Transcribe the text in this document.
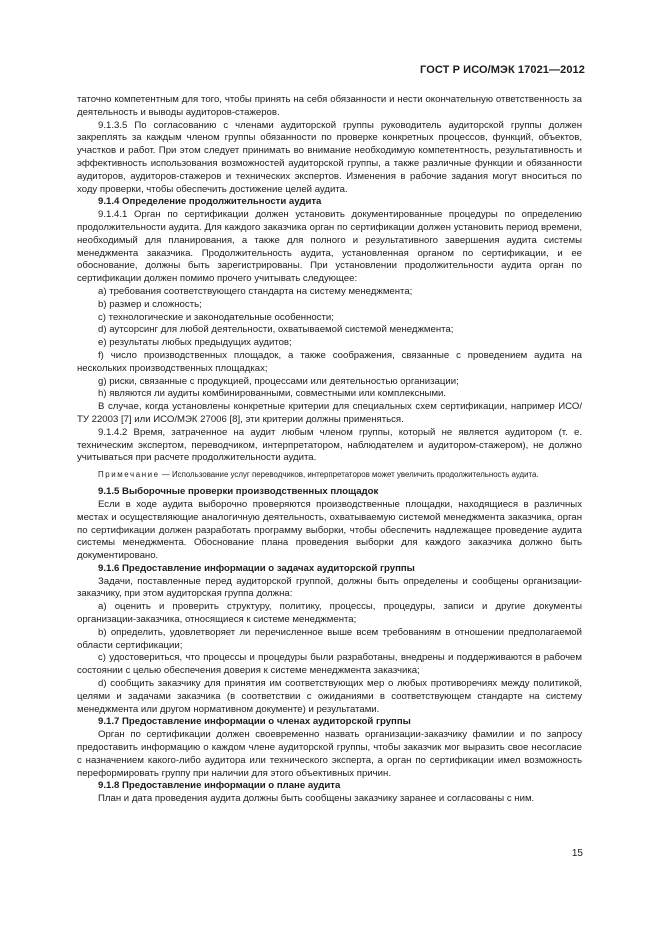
ГОСТ Р ИСО/МЭК 17021—2012

таточно компетентным для того, чтобы принять на себя обязанности и нести окончательную ответственность за деятельность и выводы аудиторов-стажеров.

9.1.3.5 По согласованию с членами аудиторской группы руководитель аудиторской группы должен закреплять за каждым членом группы обязанности по проверке конкретных процессов, функций, объектов, участков и работ. При этом следует принимать во внимание необходимую компетентность, результативность и эффективность использования возможностей аудиторской группы, а также различные функции и обязанности аудиторов, аудиторов-стажеров и технических экспертов. Изменения в рабочие задания могут вноситься по ходу проверки, чтобы обеспечить достижение целей аудита.

9.1.4 Определение продолжительности аудита

9.1.4.1 Орган по сертификации должен установить документированные процедуры по определению продолжительности аудита. Для каждого заказчика орган по сертификации должен установить период времени, необходимый для планирования, а также для полного и результативного завершения аудита системы менеджмента заказчика. Продолжительность аудита, установленная органом по сертификации, и ее обоснование, должны быть зарегистрированы. При установлении продолжительности аудита орган по сертификации должен помимо прочего учитывать следующее:

а) требования соответствующего стандарта на систему менеджмента;

b) размер и сложность;

c) технологические и законодательные особенности;

d) аутсорсинг для любой деятельности, охватываемой системой менеджмента;

e) результаты любых предыдущих аудитов;

f) число производственных площадок, а также соображения, связанные с проведением аудита на нескольких производственных площадках;

g) риски, связанные с продукцией, процессами или деятельностью организации;

h) являются ли аудиты комбинированными, совместными или комплексными.

В случае, когда установлены конкретные критерии для специальных схем сертификации, например ИСО/ТУ 22003 [7] или ИСО/МЭК 27006 [8], эти критерии должны применяться.

9.1.4.2 Время, затраченное на аудит любым членом группы, который не является аудитором (т. е. техническим экспертом, переводчиком, интерпретатором, наблюдателем и аудитором-стажером), не должно учитываться при расчете продолжительности аудита.

Примечание — Использование услуг переводчиков, интерпретаторов может увеличить продолжительность аудита.

9.1.5 Выборочные проверки производственных площадок

Если в ходе аудита выборочно проверяются производственные площадки, находящиеся в различных местах и осуществляющие аналогичную деятельность, охватываемую системой менеджмента заказчика, орган по сертификации должен разработать программу выборки, чтобы обеспечить надлежащее проведение аудита системы менеджмента. Обоснование плана проведения выборки для каждого заказчика должно быть документировано.

9.1.6 Предоставление информации о задачах аудиторской группы

Задачи, поставленные перед аудиторской группой, должны быть определены и сообщены организации-заказчику, при этом аудиторская группа должна:

а) оценить и проверить структуру, политику, процессы, процедуры, записи и другие документы организации-заказчика, относящиеся к системе менеджмента;

b) определить, удовлетворяет ли перечисленное выше всем требованиям в отношении предполагаемой области сертификации;

c) удостовериться, что процессы и процедуры были разработаны, внедрены и поддерживаются в рабочем состоянии с целью обеспечения доверия к системе менеджмента заказчика;

d) сообщить заказчику для принятия им соответствующих мер о любых противоречиях между политикой, целями и задачами заказчика (в соответствии с ожиданиями в соответствующем стандарте на систему менеджмента или другом нормативном документе) и результатами.

9.1.7 Предоставление информации о членах аудиторской группы

Орган по сертификации должен своевременно назвать организации-заказчику фамилии и по запросу предоставить информацию о каждом члене аудиторской группы, чтобы заказчик мог выразить свое несогласие с назначением какого-либо аудитора или технического эксперта, а орган по сертификации имел возможность переформировать группу при наличии для этого объективных причин.

9.1.8 Предоставление информации о плане аудита

План и дата проведения аудита должны быть сообщены заказчику заранее и согласованы с ним.

15
